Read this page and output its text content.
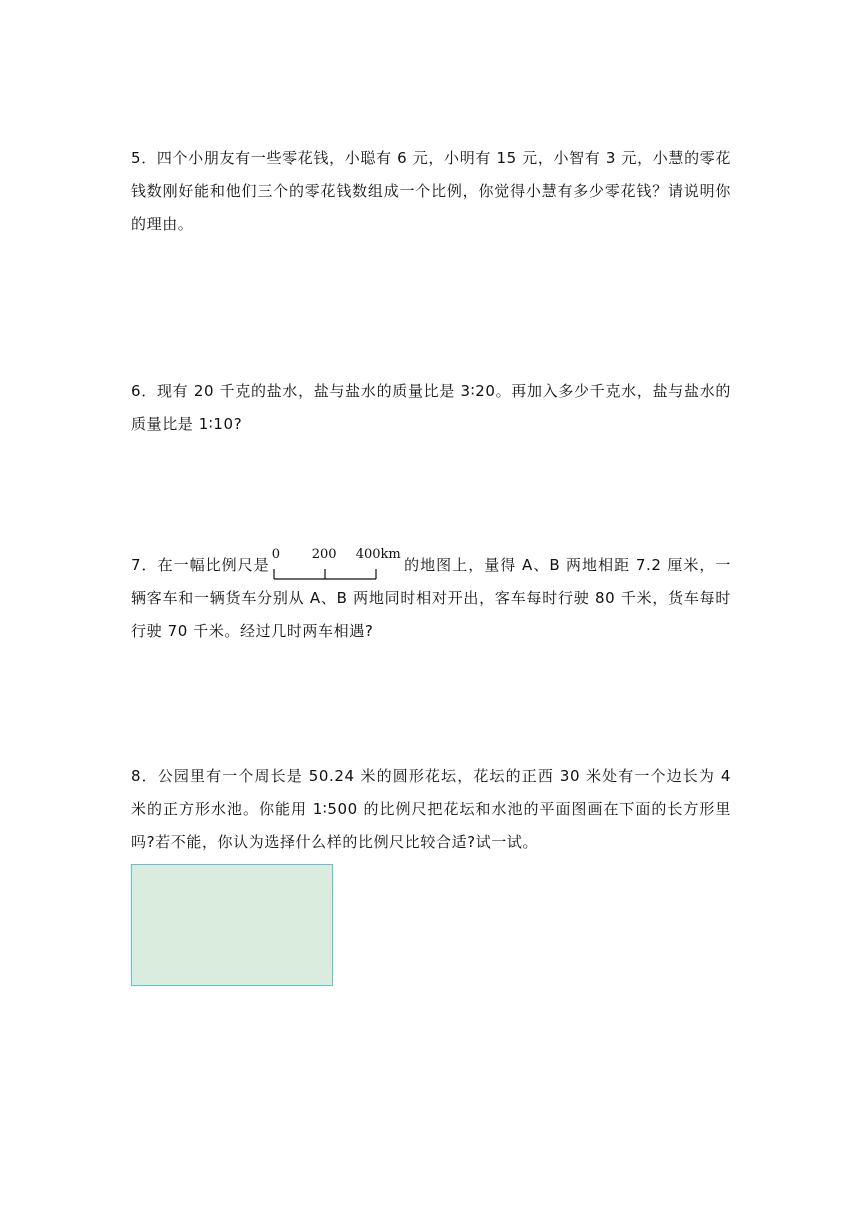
5．四个小朋友有一些零花钱，小聪有 6 元，小明有 15 元，小智有 3 元，小慧的零花钱数刚好能和他们三个的零花钱数组成一个比例，你觉得小慧有多少零花钱？请说明你的理由。

6．现有 20 千克的盐水，盐与盐水的质量比是 3∶20。再加入多少千克水，盐与盐水的质量比是 1∶10?

7．在一幅比例尺是
0 200 400km
的地图上，量得 A、B 两地相距 7.2 厘米，一辆客车和一辆货车分别从 A、B 两地同时相对开出，客车每时行驶 80 千米，货车每时行驶 70 千米。经过几时两车相遇?

8．公园里有一个周长是 50.24 米的圆形花坛，花坛的正西 30 米处有一个边长为 4 米的正方形水池。你能用 1∶500 的比例尺把花坛和水池的平面图画在下面的长方形里吗?若不能，你认为选择什么样的比例尺比较合适?试一试。
